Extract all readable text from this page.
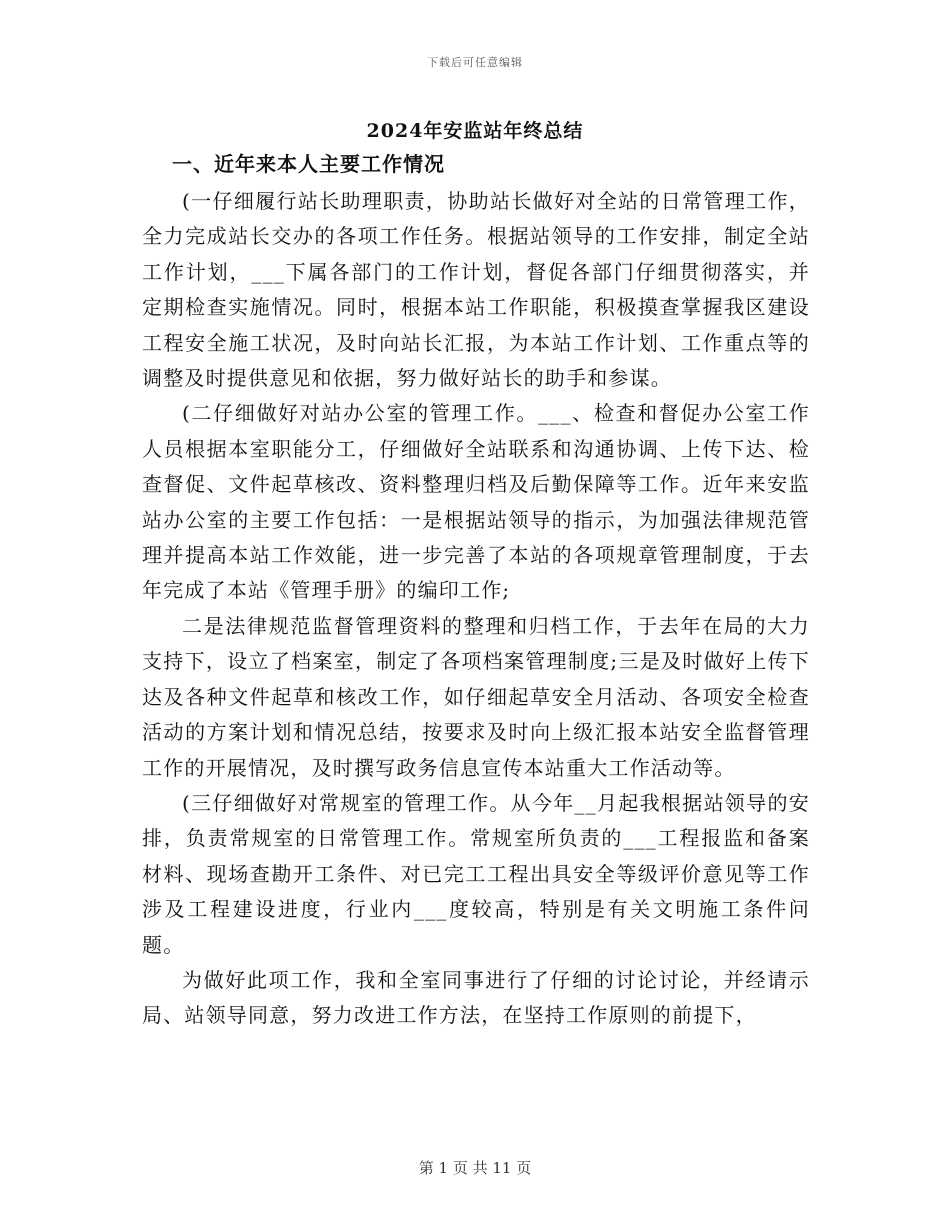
下载后可任意编辑
2024年安监站年终总结
一、近年来本人主要工作情况

(一仔细履行站长助理职责，协助站长做好对全站的日常管理工作，全力完成站长交办的各项工作任务。根据站领导的工作安排，制定全站工作计划，___下属各部门的工作计划，督促各部门仔细贯彻落实，并定期检查实施情况。同时，根据本站工作职能，积极摸查掌握我区建设工程安全施工状况，及时向站长汇报，为本站工作计划、工作重点等的调整及时提供意见和依据，努力做好站长的助手和参谋。

(二仔细做好对站办公室的管理工作。___、检查和督促办公室工作人员根据本室职能分工，仔细做好全站联系和沟通协调、上传下达、检查督促、文件起草核改、资料整理归档及后勤保障等工作。近年来安监站办公室的主要工作包括：一是根据站领导的指示，为加强法律规范管理并提高本站工作效能，进一步完善了本站的各项规章管理制度，于去年完成了本站《管理手册》的编印工作;

二是法律规范监督管理资料的整理和归档工作，于去年在局的大力支持下，设立了档案室，制定了各项档案管理制度;三是及时做好上传下达及各种文件起草和核改工作，如仔细起草安全月活动、各项安全检查活动的方案计划和情况总结，按要求及时向上级汇报本站安全监督管理工作的开展情况，及时撰写政务信息宣传本站重大工作活动等。

(三仔细做好对常规室的管理工作。从今年__月起我根据站领导的安排，负责常规室的日常管理工作。常规室所负责的___工程报监和备案材料、现场查勘开工条件、对已完工工程出具安全等级评价意见等工作涉及工程建设进度，行业内___度较高，特别是有关文明施工条件问题。

为做好此项工作，我和全室同事进行了仔细的讨论讨论，并经请示局、站领导同意，努力改进工作方法，在坚持工作原则的前提下，

第 1 页 共 11 页
